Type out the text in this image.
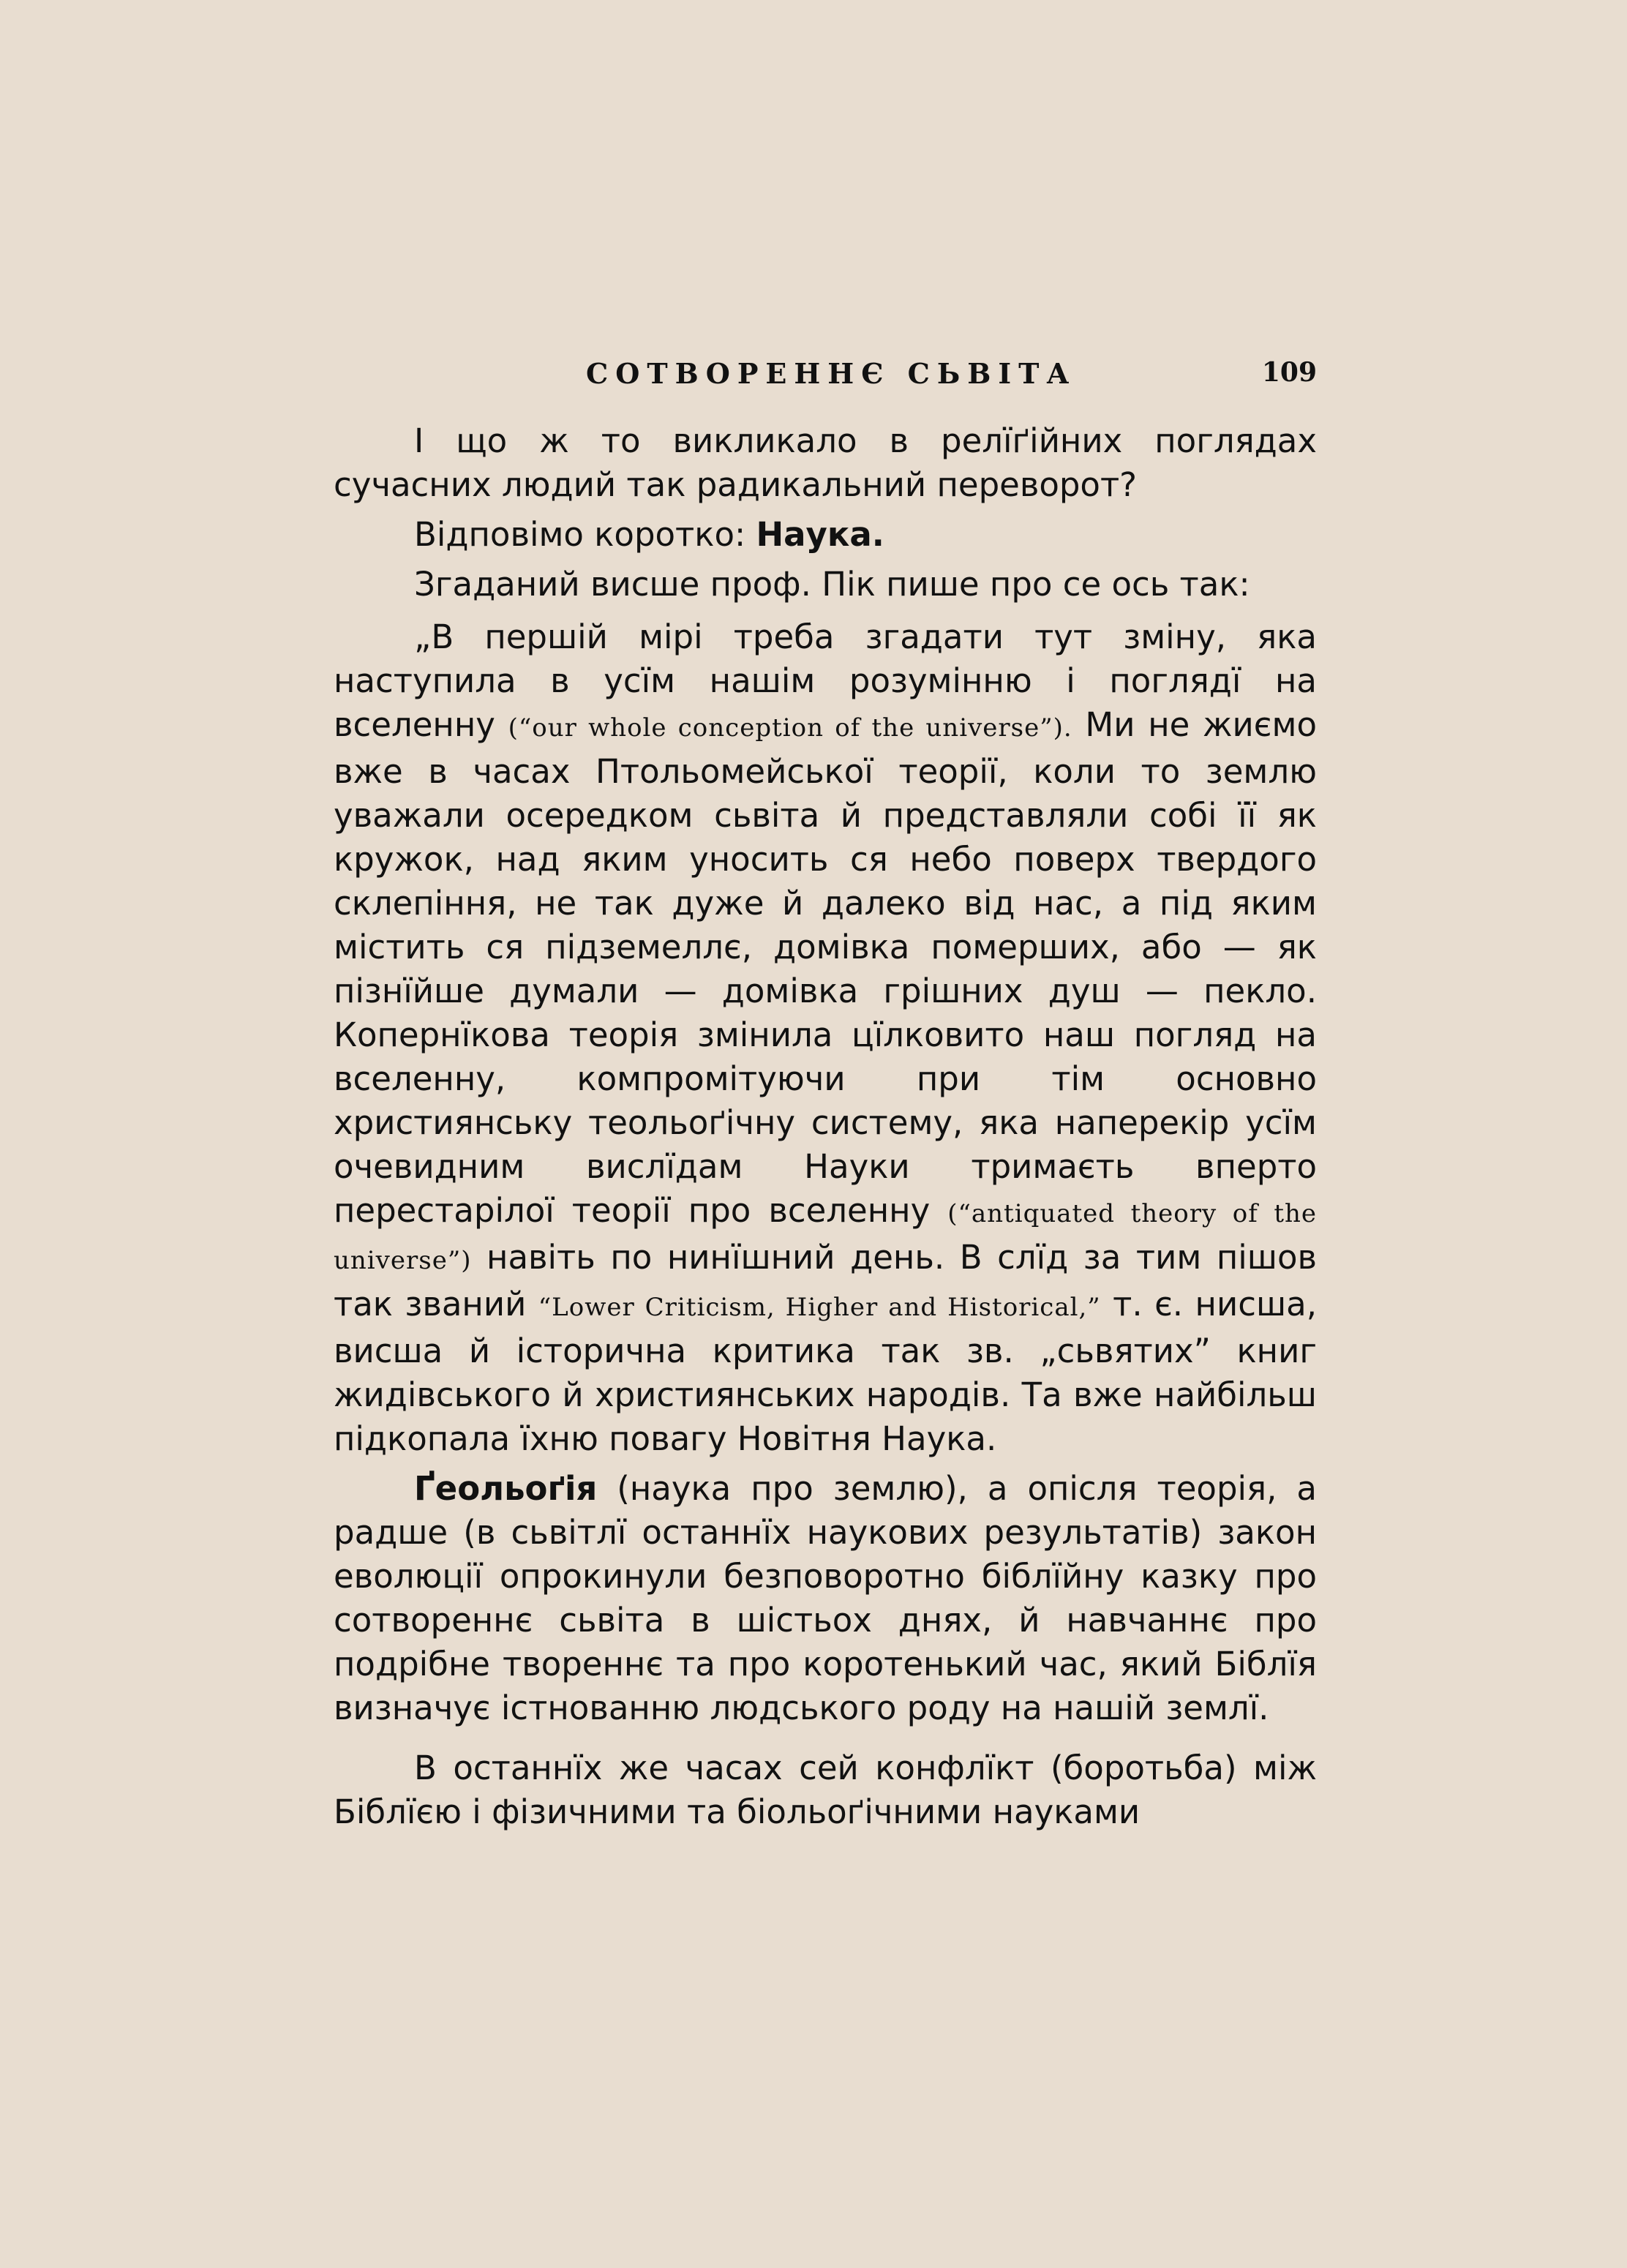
СОТВОРЕННЄ СЬВІТА	109

І що ж то викликало в релїґійних поглядах сучасних людий так радикальний переворот?

Відповімо коротко: Наука.

Згаданий висше проф. Пік пише про се ось так:

„В першій мірі треба згадати тут зміну, яка наступила в усїм нашім розумінню і поглядї на вселенну (“our whole conception of the universe”). Ми не жиємо вже в часах Птольомейської теорії, коли то землю уважали осередком сьвіта й представляли собі її як кружок, над яким уносить ся небо поверх твердого склепіння, не так дуже й далеко від нас, а під яким містить ся підземеллє, домівка померших, або — як пізнїйше думали — домівка грішних душ — пекло. Копернїкова теорія змінила цїлковито наш погляд на вселенну, компромітуючи при тім основно християнську теольоґічну систему, яка наперекір усїм очевидним вислїдам Науки тримаєть вперто перестарілої теорії про вселенну (“antiquated theory of the universe”) навіть по нинїшний день. В слїд за тим пішов так званий “Lower Criticism, Higher and Historical,” т. є. нисша, висша й історична критика так зв. „сьвятих” книг жидівського й християнських народів. Та вже найбільш підкопала їхню повагу Новітня Наука.

Ґеольоґія (наука про землю), а опісля теорія, а радше (в сьвітлї останнїх наукових результатів) закон еволюції опрокинули безповоротно біблїйну казку про сотвореннє сьвіта в шістьох днях, й навчаннє про подрібне твореннє та про коротенький час, який Біблїя визначує істнованню людського роду на нашій землї.

В останнїх же часах сей конфлїкт (боротьба) між Біблїєю і фізичними та біольоґічними науками
